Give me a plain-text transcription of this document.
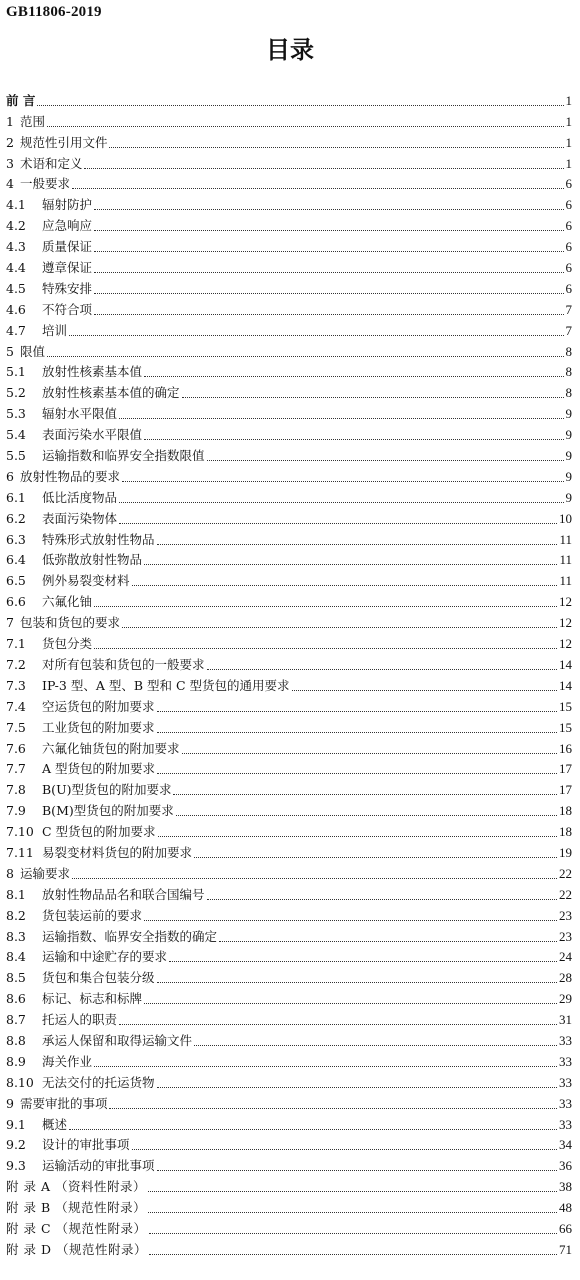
GB11806-2019
目录
前 言	1
1 范围	1
2 规范性引用文件	1
3 术语和定义	1
4 一般要求	6
4.1	辐射防护	6
4.2	应急响应	6
4.3	质量保证	6
4.4	遵章保证	6
4.5	特殊安排	6
4.6	不符合项	7
4.7	培训	7
5 限值	8
5.1	放射性核素基本值	8
5.2	放射性核素基本值的确定	8
5.3	辐射水平限值	9
5.4	表面污染水平限值	9
5.5	运输指数和临界安全指数限值	9
6 放射性物品的要求	9
6.1	低比活度物品	9
6.2	表面污染物体	10
6.3	特殊形式放射性物品	11
6.4	低弥散放射性物品	11
6.5	例外易裂变材料	11
6.6	六氟化铀	12
7 包装和货包的要求	12
7.1	货包分类	12
7.2	对所有包装和货包的一般要求	14
7.3	IP-3 型、A 型、B 型和 C 型货包的通用要求	14
7.4	空运货包的附加要求	15
7.5	工业货包的附加要求	15
7.6	六氟化铀货包的附加要求	16
7.7	A 型货包的附加要求	17
7.8	B(U)型货包的附加要求	17
7.9	B(M)型货包的附加要求	18
7.10 C 型货包的附加要求	18
7.11 易裂变材料货包的附加要求	19
8 运输要求	22
8.1	放射性物品品名和联合国编号	22
8.2	货包装运前的要求	23
8.3	运输指数、临界安全指数的确定	23
8.4	运输和中途贮存的要求	24
8.5	货包和集合包装分级	28
8.6	标记、标志和标牌	29
8.7	托运人的职责	31
8.8	承运人保留和取得运输文件	33
8.9	海关作业	33
8.10 无法交付的托运货物	33
9 需要审批的事项	33
9.1	概述	33
9.2	设计的审批事项	34
9.3	运输活动的审批事项	36
附 录 A （资料性附录）	38
附 录 B （规范性附录）	48
附 录 C （规范性附录）	66
附 录 D （规范性附录）	71
